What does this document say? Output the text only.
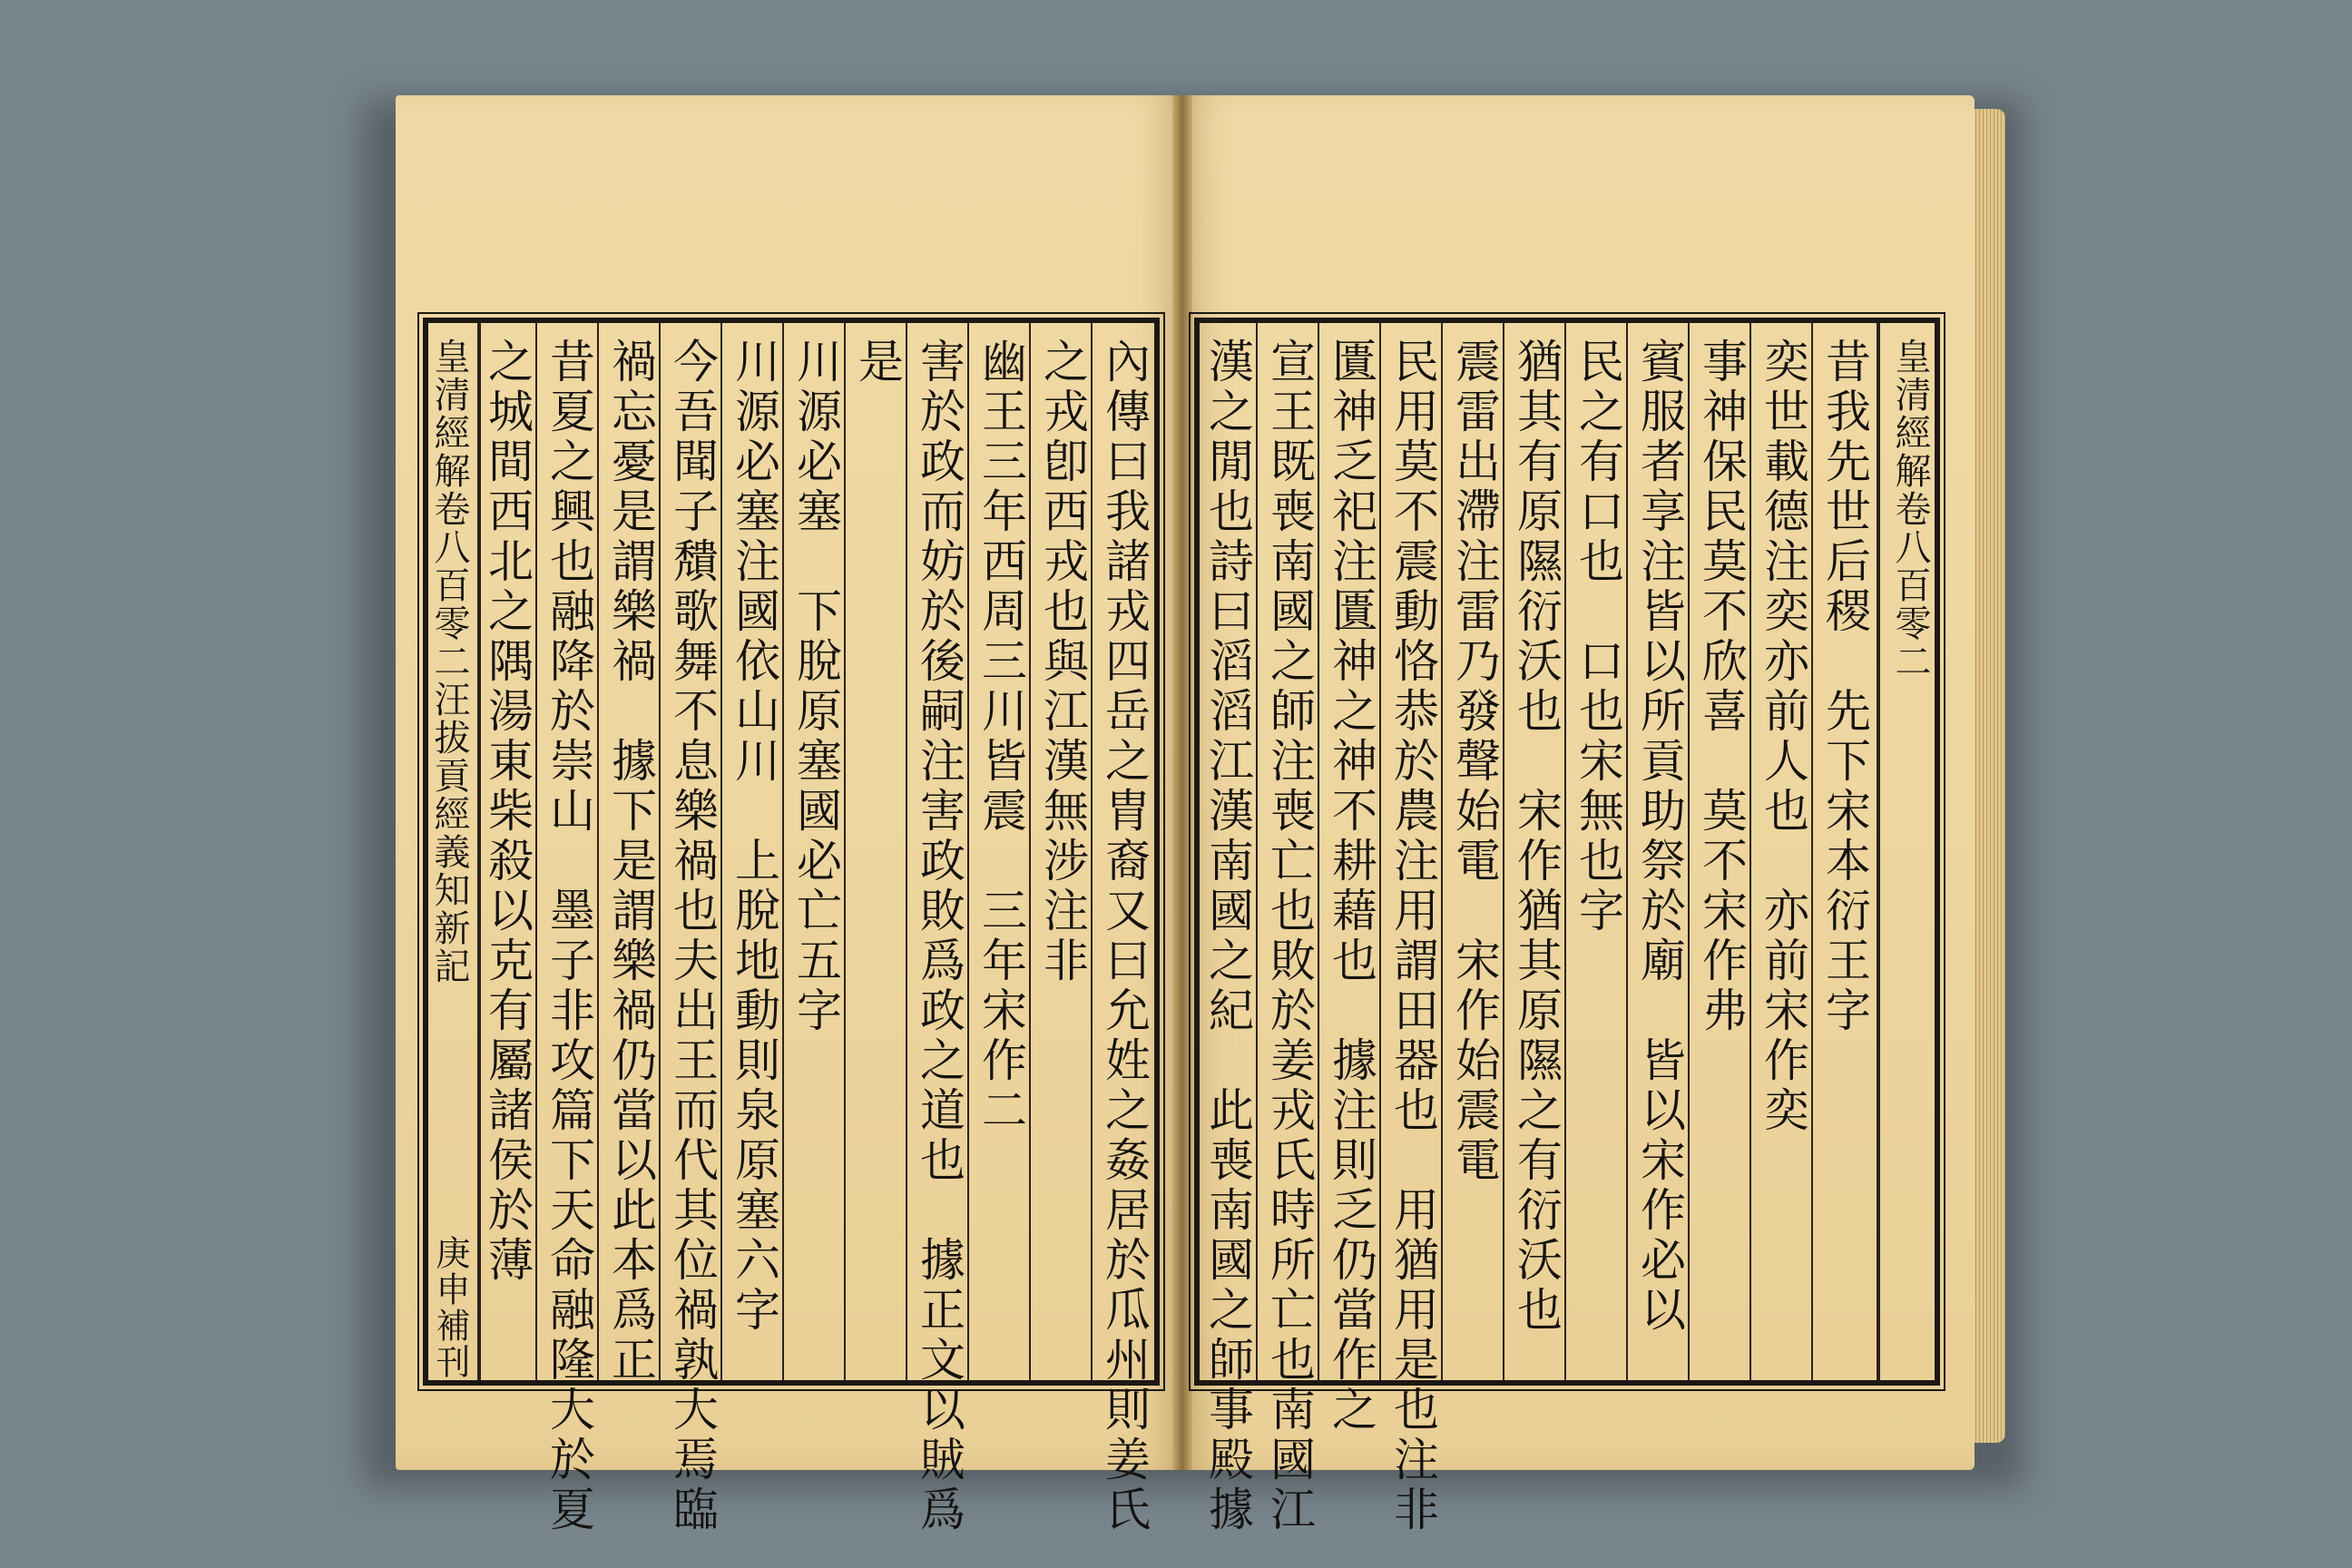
內傳曰我諸戎四岳之胄裔又曰允姓之姦居於瓜州則姜氏
之戎卽西戎也與江漢無涉注非
幽王三年西周三川皆震　三年宋作二
害於政而妨於後嗣注害政敗爲政之道也　據正文以賊爲
是
川源必塞　下脫原塞國必亡五字
川源必塞注國依山川　上脫地動則泉原塞六字
今吾聞子穨歌舞不息樂禍也夫出王而代其位禍孰大焉臨
禍忘憂是謂樂禍　據下是謂樂禍仍當以此本爲正
昔夏之興也融降於崇山　墨子非攻篇下天命融隆大於夏
之城間西北之隅湯東柴殺以克有屬諸侯於薄
皇清經解卷八百零二汪拔貢經義知新記
庚申補刊
皇清經解卷八百零二
昔我先世后稷　先下宋本衍王字
奕世載德注奕亦前人也　亦前宋作奕
事神保民莫不欣喜　莫不宋作弗
賓服者享注皆以所貢助祭於廟　皆以宋作必以
民之有口也　口也宋無也字
猶其有原隰衍沃也　宋作猶其原隰之有衍沃也
震雷出滯注雷乃發聲始電　宋作始震電
民用莫不震動恪恭於農注用謂田器也　用猶用是也注非
匱神乏祀注匱神之神不耕藉也　據注則乏仍當作之
宣王既喪南國之師注喪亡也敗於姜戎氏時所亡也南國江
漢之閒也詩曰滔滔江漢南國之紀　此喪南國之師事殿據
